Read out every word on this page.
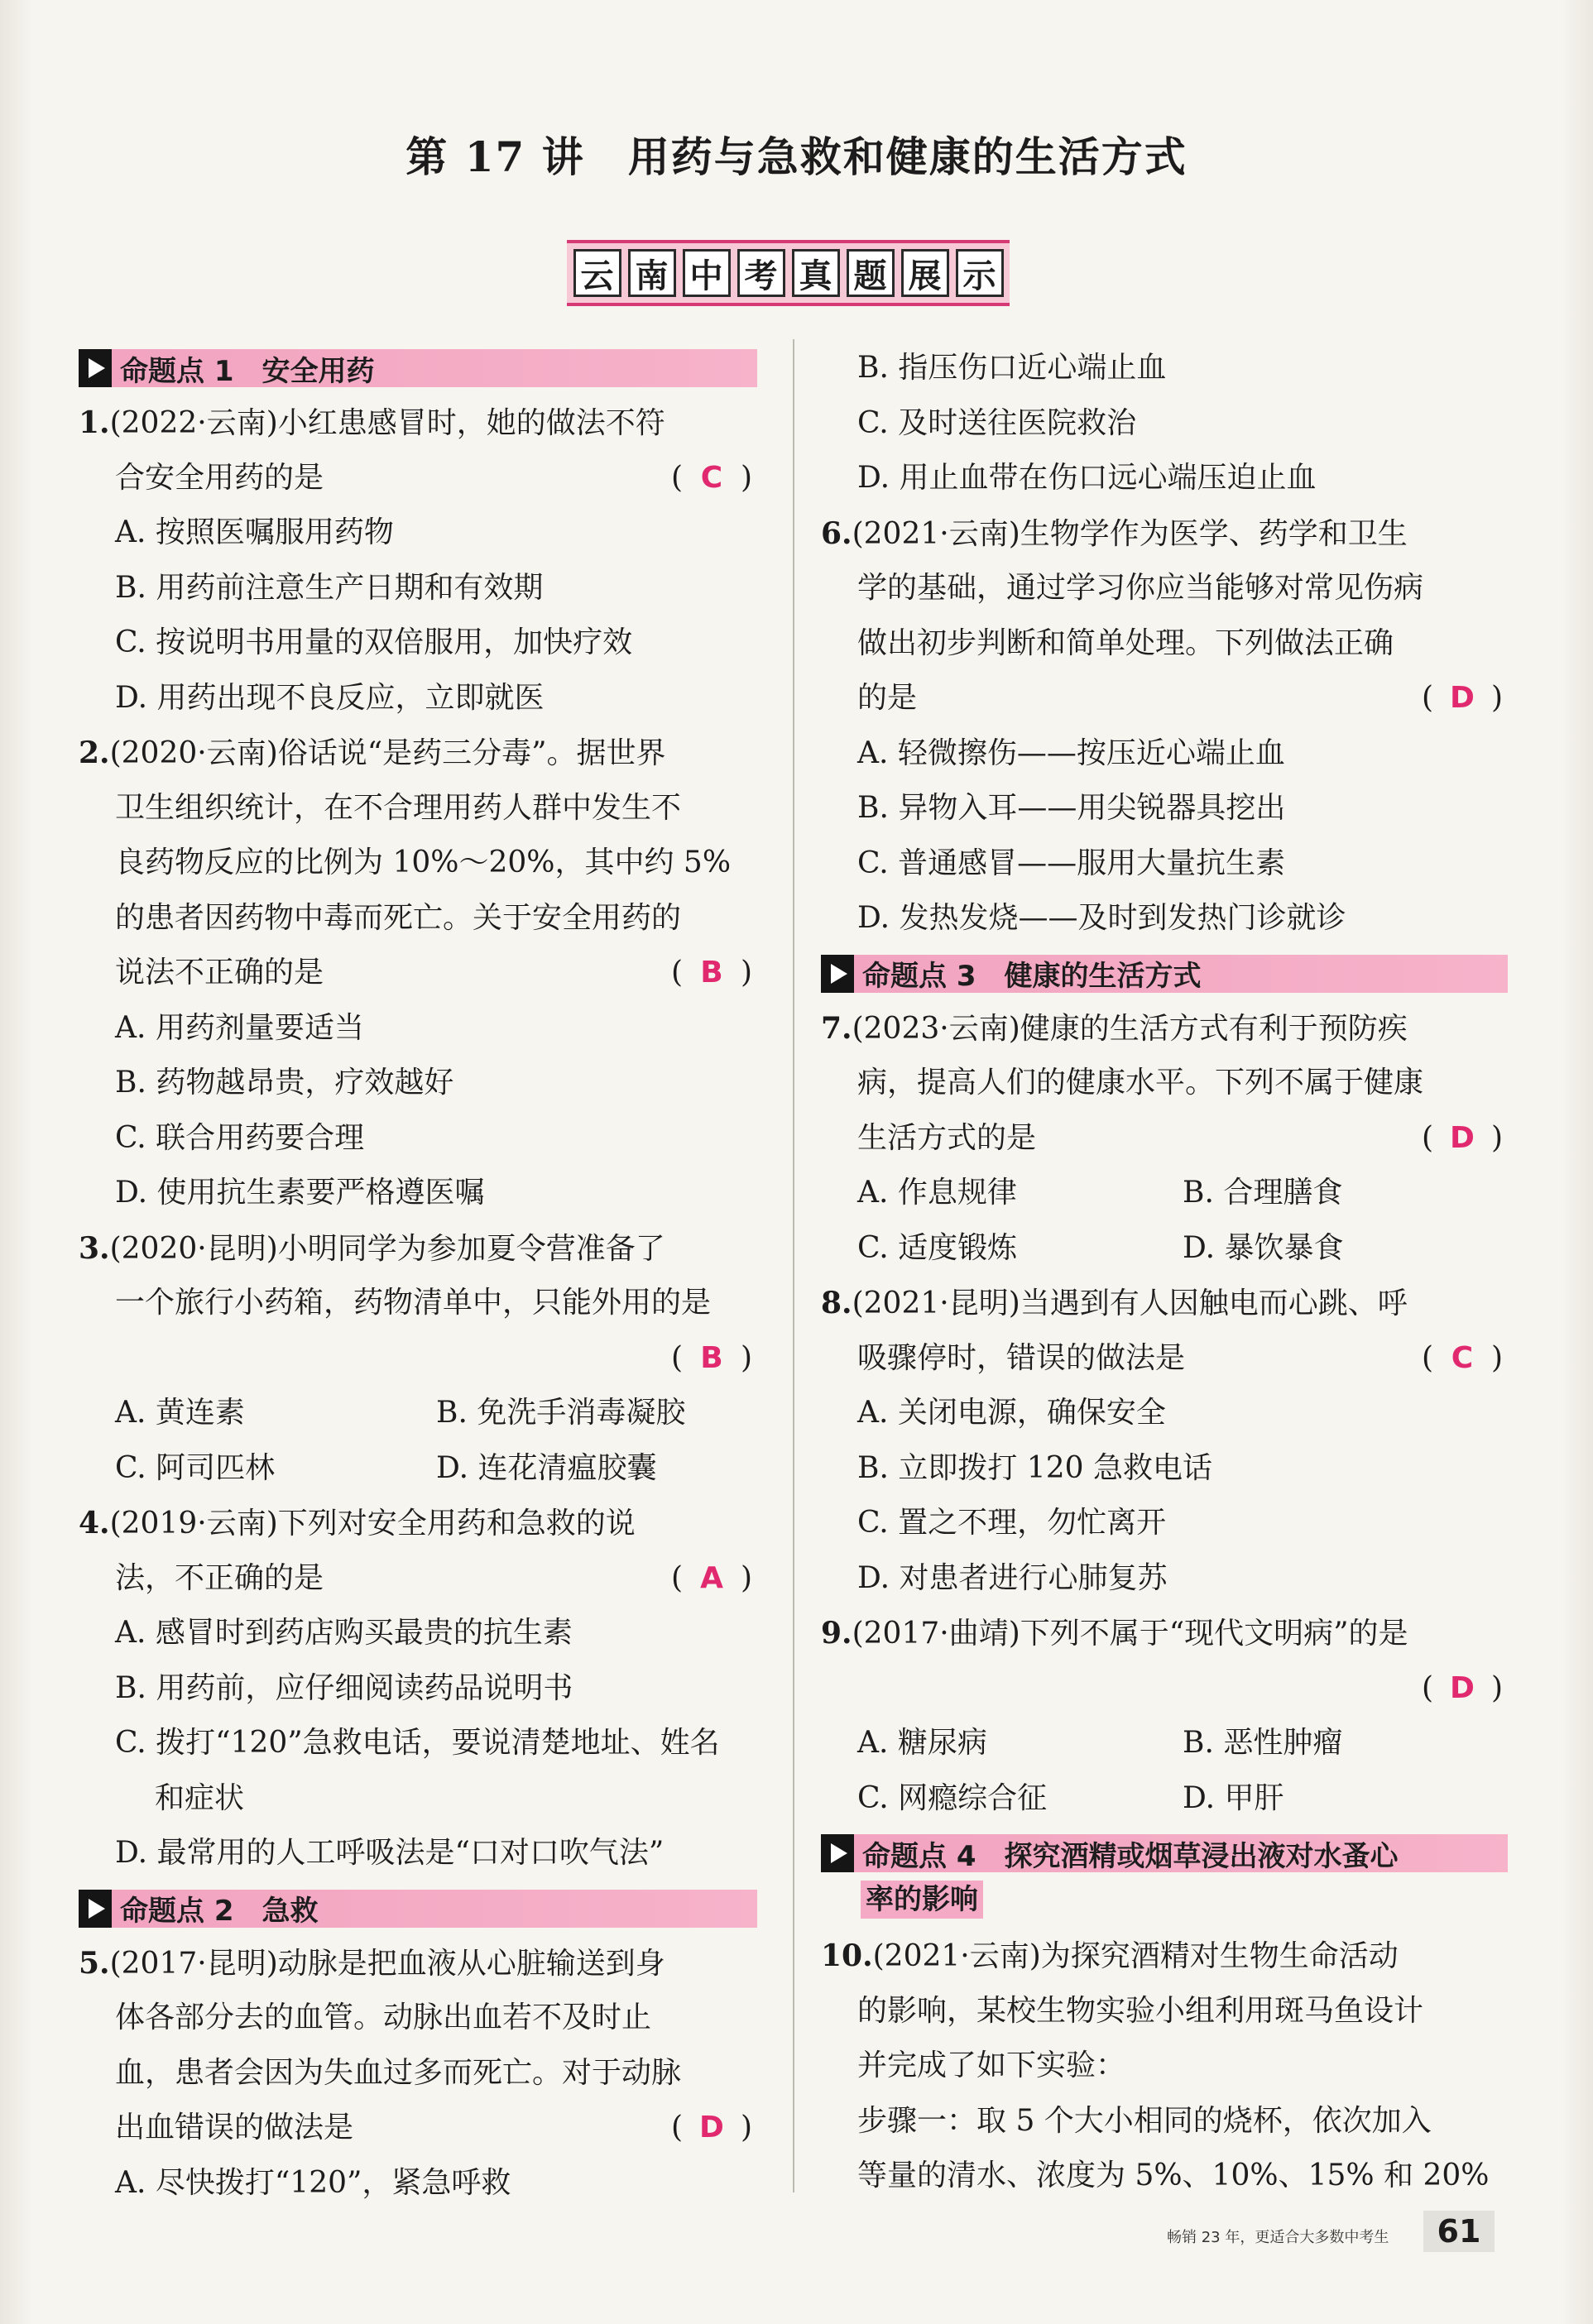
第 17 讲　用药与急救和健康的生活方式
云 南 中 考 真 题 展 示
命题点 1　安全用药
1.(2022·云南)小红患感冒时，她的做法不符
合安全用药的是	( C )
A. 按照医嘱服用药物
B. 用药前注意生产日期和有效期
C. 按说明书用量的双倍服用，加快疗效
D. 用药出现不良反应，立即就医
2.(2020·云南)俗话说“是药三分毒”。据世界
卫生组织统计，在不合理用药人群中发生不
良药物反应的比例为 10%～20%，其中约 5%
的患者因药物中毒而死亡。关于安全用药的
说法不正确的是	( B )
A. 用药剂量要适当
B. 药物越昂贵，疗效越好
C. 联合用药要合理
D. 使用抗生素要严格遵医嘱
3.(2020·昆明)小明同学为参加夏令营准备了
一个旅行小药箱，药物清单中，只能外用的是
( B )
A. 黄连素	B. 免洗手消毒凝胶
C. 阿司匹林	D. 连花清瘟胶囊
4.(2019·云南)下列对安全用药和急救的说
法，不正确的是	( A )
A. 感冒时到药店购买最贵的抗生素
B. 用药前，应仔细阅读药品说明书
C. 拨打“120”急救电话，要说清楚地址、姓名
和症状
D. 最常用的人工呼吸法是“口对口吹气法”
命题点 2　急救
5.(2017·昆明)动脉是把血液从心脏输送到身
体各部分去的血管。动脉出血若不及时止
血，患者会因为失血过多而死亡。对于动脉
出血错误的做法是	( D )
A. 尽快拨打“120”，紧急呼救
B. 指压伤口近心端止血
C. 及时送往医院救治
D. 用止血带在伤口远心端压迫止血
6.(2021·云南)生物学作为医学、药学和卫生
学的基础，通过学习你应当能够对常见伤病
做出初步判断和简单处理。下列做法正确
的是	( D )
A. 轻微擦伤——按压近心端止血
B. 异物入耳——用尖锐器具挖出
C. 普通感冒——服用大量抗生素
D. 发热发烧——及时到发热门诊就诊
命题点 3　健康的生活方式
7.(2023·云南)健康的生活方式有利于预防疾
病，提高人们的健康水平。下列不属于健康
生活方式的是	( D )
A. 作息规律	B. 合理膳食
C. 适度锻炼	D. 暴饮暴食
8.(2021·昆明)当遇到有人因触电而心跳、呼
吸骤停时，错误的做法是	( C )
A. 关闭电源，确保安全
B. 立即拨打 120 急救电话
C. 置之不理，勿忙离开
D. 对患者进行心肺复苏
9.(2017·曲靖)下列不属于“现代文明病”的是
( D )
A. 糖尿病	B. 恶性肿瘤
C. 网瘾综合征	D. 甲肝
命题点 4　探究酒精或烟草浸出液对水蚤心
率的影响
10.(2021·云南)为探究酒精对生物生命活动
的影响，某校生物实验小组利用斑马鱼设计
并完成了如下实验：
步骤一：取 5 个大小相同的烧杯，依次加入
等量的清水、浓度为 5%、10%、15% 和 20%
畅销 23 年，更适合大多数中考生	61
